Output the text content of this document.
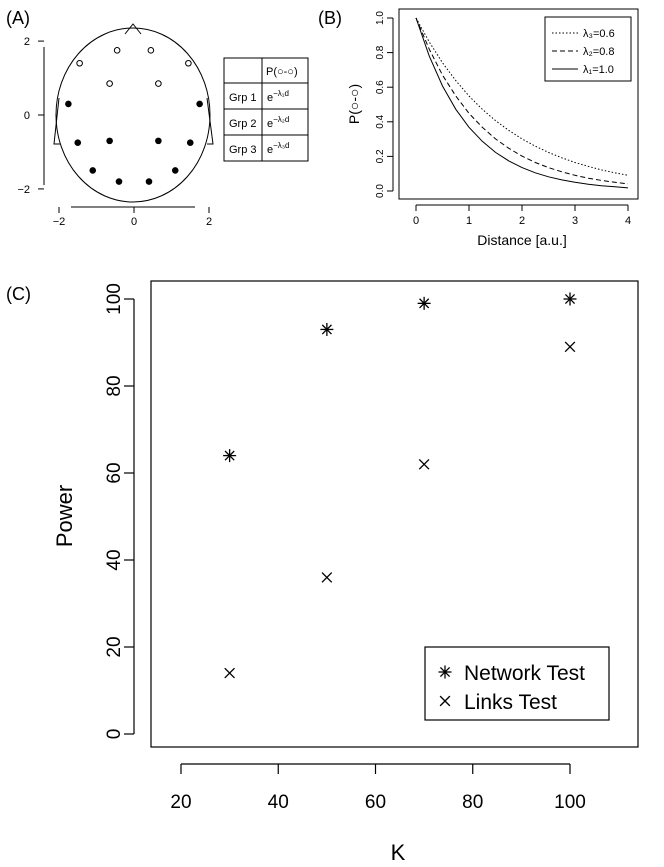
(A)	(B)
(C)
−2
0
2
−2	0	2
P(○-○)
Grp 1 $e^{-\lambda_1d}$
Grp 2 $e^{-\lambda_2d}$
Grp 3 $e^{-\lambda_3d}$
0.0
0.2
0.4
0.6
0.8
1.0
0	1	2	3	4
P(○-○)
Distance [a.u.]
λ₃=0.6
λ₂=0.8
λ₁=1.0
0
20
40
60
80
100
20	40	60	80	100
Power
K
Network Test
Links Test
